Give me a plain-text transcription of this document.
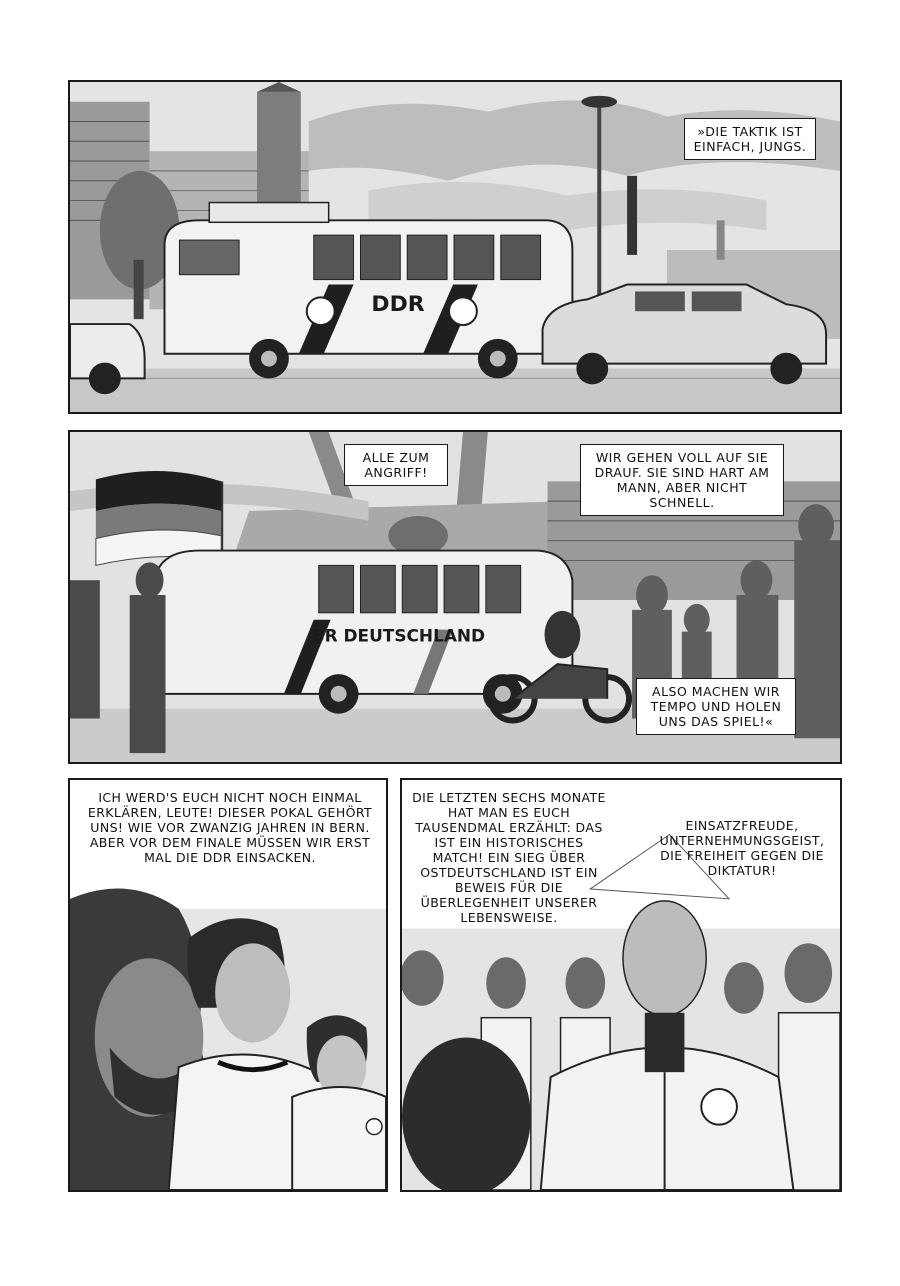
DDR
»DIE TAKTIK IST EINFACH, JUNGS.
BR DEUTSCHLAND
ALLE ZUM ANGRIFF!
WIR GEHEN VOLL AUF SIE DRAUF. SIE SIND HART AM MANN, ABER NICHT SCHNELL.
ALSO MACHEN WIR TEMPO UND HOLEN UNS DAS SPIEL!«
ICH WERD'S EUCH NICHT NOCH EINMAL ERKLÄREN, LEUTE! DIESER POKAL GEHÖRT UNS! WIE VOR ZWANZIG JAHREN IN BERN. ABER VOR DEM FINALE MÜSSEN WIR ERST MAL DIE DDR EINSACKEN.
DIE LETZTEN SECHS MONATE HAT MAN ES EUCH TAUSENDMAL ERZÄHLT: DAS IST EIN HISTORISCHES MATCH! EIN SIEG ÜBER OSTDEUTSCHLAND IST EIN BEWEIS FÜR DIE ÜBERLEGENHEIT UNSERER LEBENSWEISE.
EINSATZFREUDE, UNTERNEHMUNGSGEIST, DIE FREIHEIT GEGEN DIE DIKTATUR!
